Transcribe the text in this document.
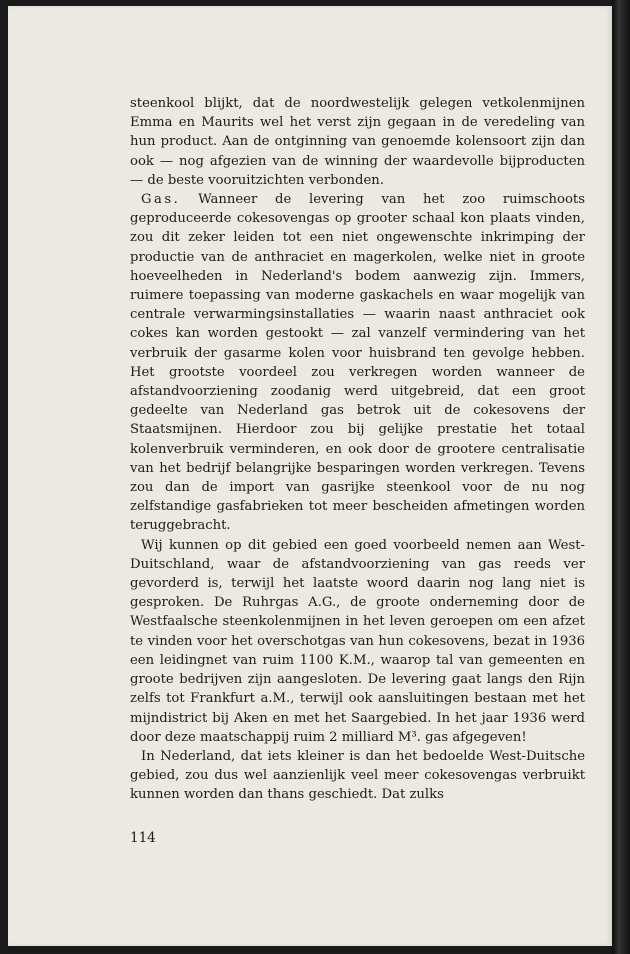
steenkool blijkt, dat de noordwestelijk gelegen vetkolenmijnen Emma en Maurits wel het verst zijn gegaan in de veredeling van hun product. Aan de ontginning van genoemde kolensoort zijn dan ook — nog afgezien van de winning der waardevolle bijproducten — de beste vooruitzichten verbonden.

Gas. Wanneer de levering van het zoo ruimschoots geproduceerde cokesovengas op grooter schaal kon plaats vinden, zou dit zeker leiden tot een niet ongewenschte inkrimping der productie van de anthraciet en magerkolen, welke niet in groote hoeveelheden in Nederland's bodem aanwezig zijn. Immers, ruimere toepassing van moderne gaskachels en waar mogelijk van centrale verwarmingsinstallaties — waarin naast anthraciet ook cokes kan worden gestookt — zal vanzelf vermindering van het verbruik der gasarme kolen voor huisbrand ten gevolge hebben. Het grootste voordeel zou verkregen worden wanneer de afstandvoorziening zoodanig werd uitgebreid, dat een groot gedeelte van Nederland gas betrok uit de cokesovens der Staatsmijnen. Hierdoor zou bij gelijke prestatie het totaal kolenverbruik verminderen, en ook door de grootere centralisatie van het bedrijf belangrijke besparingen worden verkregen. Tevens zou dan de import van gasrijke steenkool voor de nu nog zelfstandige gasfabrieken tot meer bescheiden afmetingen worden teruggebracht.

Wij kunnen op dit gebied een goed voorbeeld nemen aan West-Duitschland, waar de afstandvoorziening van gas reeds ver gevorderd is, terwijl het laatste woord daarin nog lang niet is gesproken. De Ruhrgas A.G., de groote onderneming door de Westfaalsche steenkolenmijnen in het leven geroepen om een afzet te vinden voor het overschotgas van hun cokesovens, bezat in 1936 een leidingnet van ruim 1100 K.M., waarop tal van gemeenten en groote bedrijven zijn aangesloten. De levering gaat langs den Rijn zelfs tot Frankfurt a.M., terwijl ook aansluitingen bestaan met het mijndistrict bij Aken en met het Saargebied. In het jaar 1936 werd door deze maatschappij ruim 2 milliard M³. gas afgegeven!

In Nederland, dat iets kleiner is dan het bedoelde West-Duitsche gebied, zou dus wel aanzienlijk veel meer cokesovengas verbruikt kunnen worden dan thans geschiedt. Dat zulks

114
